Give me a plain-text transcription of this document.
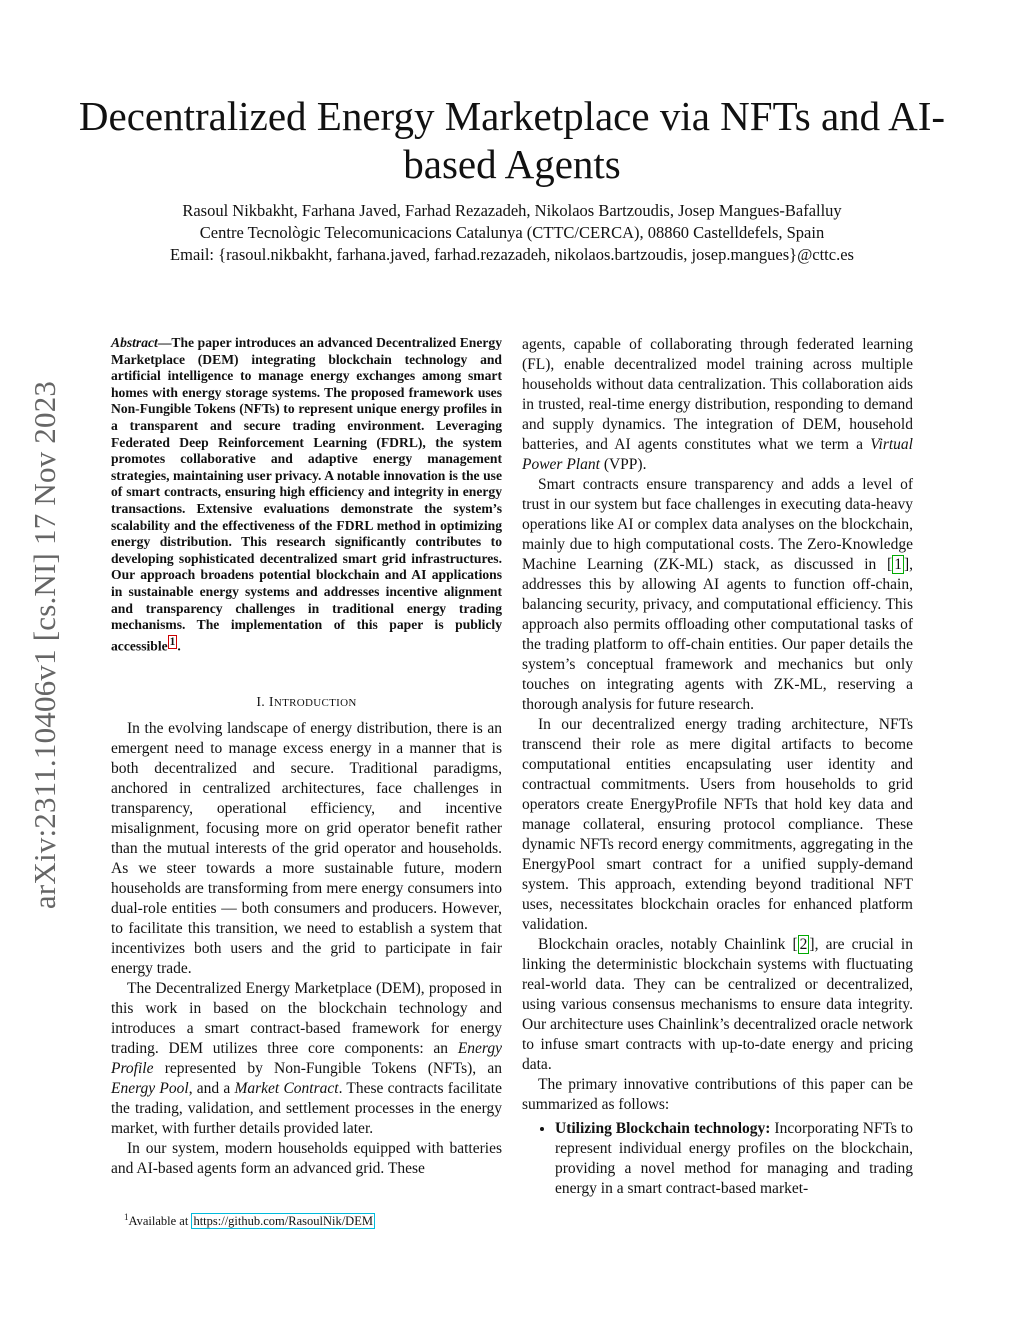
Decentralized Energy Marketplace via NFTs and AI-based Agents
Rasoul Nikbakht, Farhana Javed, Farhad Rezazadeh, Nikolaos Bartzoudis, Josep Mangues-Bafalluy
Centre Tecnològic Telecomunicacions Catalunya (CTTC/CERCA), 08860 Castelldefels, Spain
Email: {rasoul.nikbakht, farhana.javed, farhad.rezazadeh, nikolaos.bartzoudis, josep.mangues}@cttc.es
arXiv:2311.10406v1 [cs.NI] 17 Nov 2023

Abstract—The paper introduces an advanced Decentralized Energy Marketplace (DEM) integrating blockchain technology and artificial intelligence to manage energy exchanges among smart homes with energy storage systems. The proposed framework uses Non-Fungible Tokens (NFTs) to represent unique energy profiles in a transparent and secure trading environment. Leveraging Federated Deep Reinforcement Learning (FDRL), the system promotes collaborative and adaptive energy management strategies, maintaining user privacy. A notable innovation is the use of smart contracts, ensuring high efficiency and integrity in energy transactions. Extensive evaluations demonstrate the system’s scalability and the effectiveness of the FDRL method in optimizing energy distribution. This research significantly contributes to developing sophisticated decentralized smart grid infrastructures. Our approach broadens potential blockchain and AI applications in sustainable energy systems and addresses incentive alignment and transparency challenges in traditional energy trading mechanisms. The implementation of this paper is publicly accessible $^1$ .

I. INTRODUCTION

In the evolving landscape of energy distribution, there is an emergent need to manage excess energy in a manner that is both decentralized and secure. Traditional paradigms, anchored in centralized architectures, face challenges in transparency, operational efficiency, and incentive misalignment, focusing more on grid operator benefit rather than the mutual interests of the grid operator and households. As we steer towards a more sustainable future, modern households are transforming from mere energy consumers into dual-role entities — both consumers and producers. However, to facilitate this transition, we need to establish a system that incentivizes both users and the grid to participate in fair energy trade.

The Decentralized Energy Marketplace (DEM), proposed in this work in based on the blockchain technology and introduces a smart contract-based framework for energy trading. DEM utilizes three core components: an Energy Profile represented by Non-Fungible Tokens (NFTs), an Energy Pool, and a Market Contract. These contracts facilitate the trading, validation, and settlement processes in the energy market, with further details provided later.

In our system, modern households equipped with batteries and AI-based agents form an advanced grid. These

agents, capable of collaborating through federated learning (FL), enable decentralized model training across multiple households without data centralization. This collaboration aids in trusted, real-time energy distribution, responding to demand and supply dynamics. The integration of DEM, household batteries, and AI agents constitutes what we term a Virtual Power Plant (VPP).

Smart contracts ensure transparency and adds a level of trust in our system but face challenges in executing data-heavy operations like AI or complex data analyses on the blockchain, mainly due to high computational costs. The Zero-Knowledge Machine Learning (ZK-ML) stack, as discussed in [ 1 ], addresses this by allowing AI agents to function off-chain, balancing security, privacy, and computational efficiency. This approach also permits offloading other computational tasks of the trading platform to off-chain entities. Our paper details the system’s conceptual framework and mechanics but only touches on integrating agents with ZK-ML, reserving a thorough analysis for future research.

In our decentralized energy trading architecture, NFTs transcend their role as mere digital artifacts to become computational entities encapsulating user identity and contractual commitments. Users from households to grid operators create EnergyProfile NFTs that hold key data and manage collateral, ensuring protocol compliance. These dynamic NFTs record energy commitments, aggregating in the EnergyPool smart contract for a unified supply-demand system. This approach, extending beyond traditional NFT uses, necessitates blockchain oracles for enhanced platform validation.

Blockchain oracles, notably Chainlink [ 2 ], are crucial in linking the deterministic blockchain systems with fluctuating real-world data. They can be centralized or decentralized, using various consensus mechanisms to ensure data integrity. Our architecture uses Chainlink’s decentralized oracle network to infuse smart contracts with up-to-date energy and pricing data.

The primary innovative contributions of this paper can be summarized as follows:

• Utilizing Blockchain technology: Incorporating NFTs to represent individual energy profiles on the blockchain, providing a novel method for managing and trading energy in a smart contract-based market-
$^1$Available at https://github.com/RasoulNik/DEM
